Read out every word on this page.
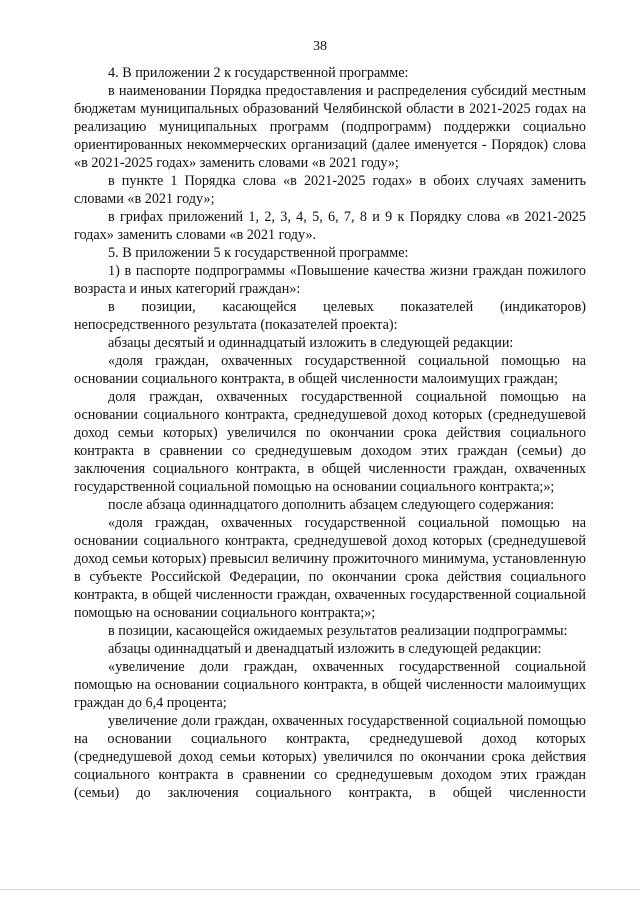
38

4. В приложении 2 к государственной программе:

в наименовании Порядка предоставления и распределения субсидий местным бюджетам муниципальных образований Челябинской области в 2021-2025 годах на реализацию муниципальных программ (подпрограмм) поддержки социально ориентированных некоммерческих организаций (далее именуется - Порядок) слова «в 2021-2025 годах» заменить словами «в 2021 году»;

в пункте 1 Порядка слова «в 2021-2025 годах» в обоих случаях заменить словами «в 2021 году»;

в грифах приложений 1, 2, 3, 4, 5, 6, 7, 8 и 9 к Порядку слова «в 2021-2025 годах» заменить словами «в 2021 году».

5. В приложении 5 к государственной программе:

1) в паспорте подпрограммы «Повышение качества жизни граждан пожилого возраста и иных категорий граждан»:

в позиции, касающейся целевых показателей (индикаторов) непосредственного результата (показателей проекта):

абзацы десятый и одиннадцатый изложить в следующей редакции:

«доля граждан, охваченных государственной социальной помощью на основании социального контракта, в общей численности малоимущих граждан;

доля граждан, охваченных государственной социальной помощью на основании социального контракта, среднедушевой доход которых (среднедушевой доход семьи которых) увеличился по окончании срока действия социального контракта в сравнении со среднедушевым доходом этих граждан (семьи) до заключения социального контракта, в общей численности граждан, охваченных государственной социальной помощью на основании социального контракта;»;

после абзаца одиннадцатого дополнить абзацем следующего содержания:

«доля граждан, охваченных государственной социальной помощью на основании социального контракта, среднедушевой доход которых (среднедушевой доход семьи которых) превысил величину прожиточного минимума, установленную в субъекте Российской Федерации, по окончании срока действия социального контракта, в общей численности граждан, охваченных государственной социальной помощью на основании социального контракта;»;

в позиции, касающейся ожидаемых результатов реализации подпрограммы:

абзацы одиннадцатый и двенадцатый изложить в следующей редакции:

«увеличение доли граждан, охваченных государственной социальной помощью на основании социального контракта, в общей численности малоимущих граждан до 6,4 процента;

увеличение доли граждан, охваченных государственной социальной помощью на основании социального контракта, среднедушевой доход которых (среднедушевой доход семьи которых) увеличился по окончании срока действия социального контракта в сравнении со среднедушевым доходом этих граждан (семьи) до заключения социального контракта, в общей численности
